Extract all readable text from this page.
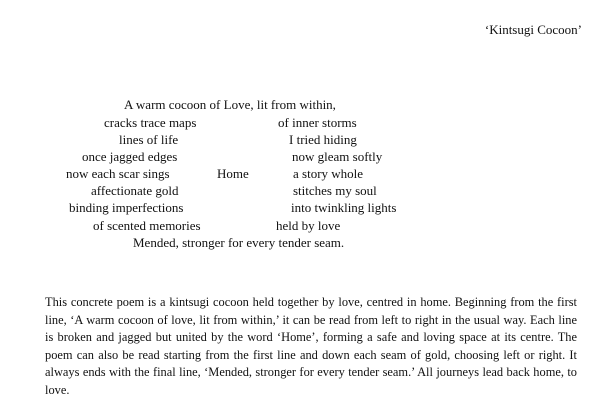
‘Kintsugi Cocoon’
A warm cocoon of Love, lit from within,
cracks trace maps	of inner storms
lines of life	I tried hiding
once jagged edges	now gleam softly
now each scar sings	Home	a story whole
affectionate gold	stitches my soul
binding imperfections	into twinkling lights
of scented memories	held by love
Mended, stronger for every tender seam.

This concrete poem is a kintsugi cocoon held together by love, centred in home. Beginning from the first line, ‘A warm cocoon of love, lit from within,’ it can be read from left to right in the usual way. Each line is broken and jagged but united by the word ‘Home’, forming a safe and loving space at its centre. The poem can also be read starting from the first line and down each seam of gold, choosing left or right. It always ends with the final line, ‘Mended, stronger for every tender seam.’ All journeys lead back home, to love.
